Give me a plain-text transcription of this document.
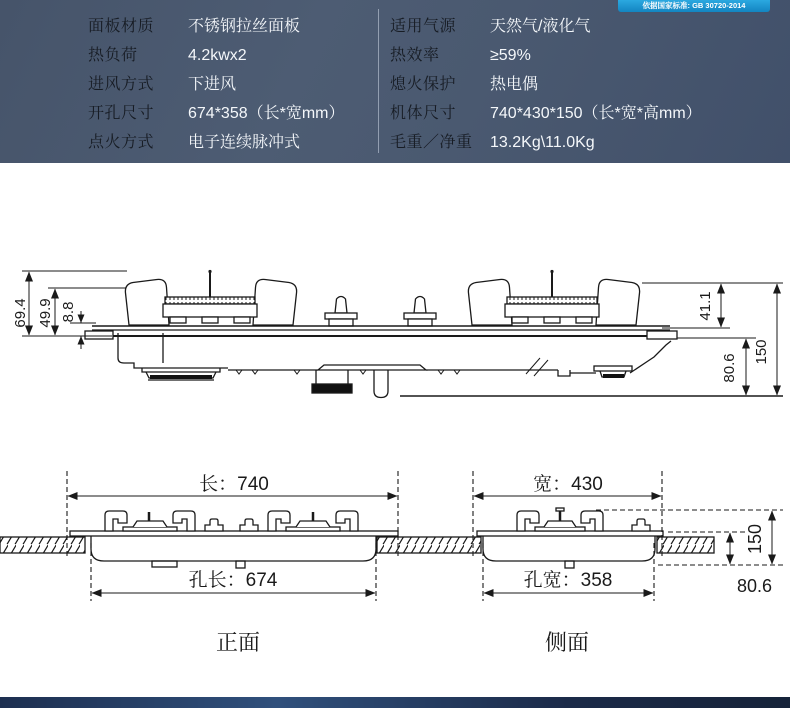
面板材质	不锈钢拉丝面板
热负荷	4.2kwx2
进风方式	下进风
开孔尺寸	674*358（长*宽mm）
点火方式	电子连续脉冲式
适用气源	天然气/液化气
热效率	≥59%
熄火保护	热电偶
机体尺寸	740*430*150（长*宽*高mm）
毛重／净重	13.2Kg\11.0Kg
依据国家标准: GB 30720-2014
69.4 49.9 8.8	41.1
150
80.6
长：740
孔长：674
正面
宽：430
孔宽：358
150
80.6
侧面
